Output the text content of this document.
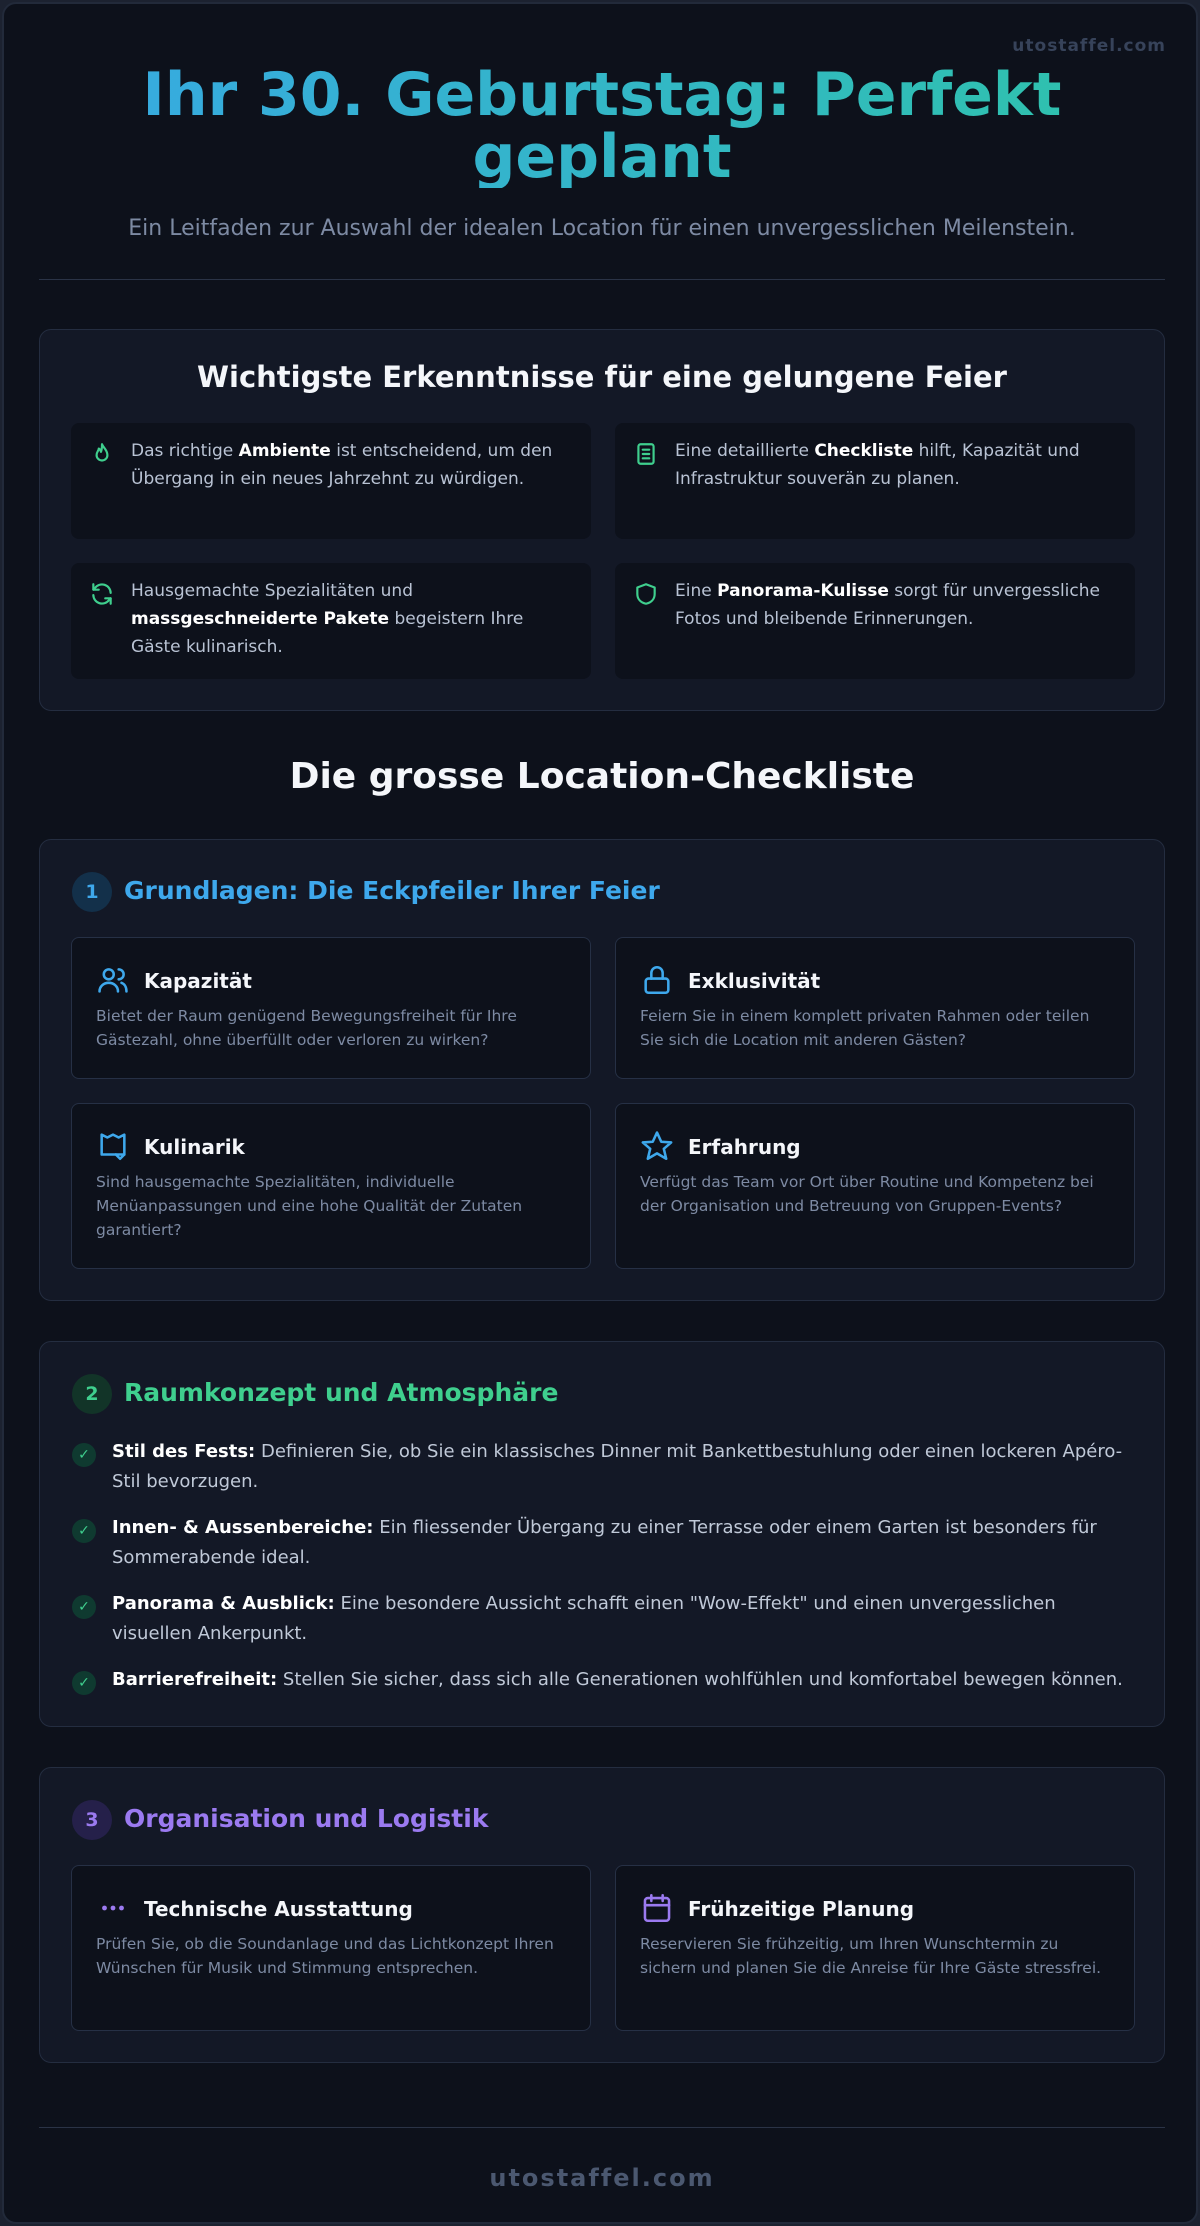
utostaffel.com
Ihr 30. Geburtstag: Perfekt
geplant
Ein Leitfaden zur Auswahl der idealen Location für einen unvergesslichen Meilenstein.
Wichtigste Erkenntnisse für eine gelungene Feier
Das richtige Ambiente ist entscheidend, um den Übergang in ein neues Jahrzehnt zu würdigen.
Eine detaillierte Checkliste hilft, Kapazität und Infrastruktur souverän zu planen.
Hausgemachte Spezialitäten und massgeschneiderte Pakete begeistern Ihre Gäste kulinarisch.
Eine Panorama-Kulisse sorgt für unvergessliche Fotos und bleibende Erinnerungen.
Die grosse Location-Checkliste
1	Grundlagen: Die Eckpfeiler Ihrer Feier
Kapazität
Bietet der Raum genügend Bewegungsfreiheit für Ihre Gästezahl, ohne überfüllt oder verloren zu wirken?
Exklusivität
Feiern Sie in einem komplett privaten Rahmen oder teilen Sie sich die Location mit anderen Gästen?
Kulinarik
Sind hausgemachte Spezialitäten, individuelle Menüanpassungen und eine hohe Qualität der Zutaten garantiert?
Erfahrung
Verfügt das Team vor Ort über Routine und Kompetenz bei der Organisation und Betreuung von Gruppen-Events?
2	Raumkonzept und Atmosphäre
✓	Stil des Fests: Definieren Sie, ob Sie ein klassisches Dinner mit Bankettbestuhlung oder einen lockeren Apéro-Stil bevorzugen.
✓	Innen- & Aussenbereiche: Ein fliessender Übergang zu einer Terrasse oder einem Garten ist besonders für Sommerabende ideal.
✓	Panorama & Ausblick: Eine besondere Aussicht schafft einen "Wow-Effekt" und einen unvergesslichen visuellen Ankerpunkt.
✓	Barrierefreiheit: Stellen Sie sicher, dass sich alle Generationen wohlfühlen und komfortabel bewegen können.
3	Organisation und Logistik
Technische Ausstattung
Prüfen Sie, ob die Soundanlage und das Lichtkonzept Ihren Wünschen für Musik und Stimmung entsprechen.
Frühzeitige Planung
Reservieren Sie frühzeitig, um Ihren Wunschtermin zu sichern und planen Sie die Anreise für Ihre Gäste stressfrei.
utostaffel.com
